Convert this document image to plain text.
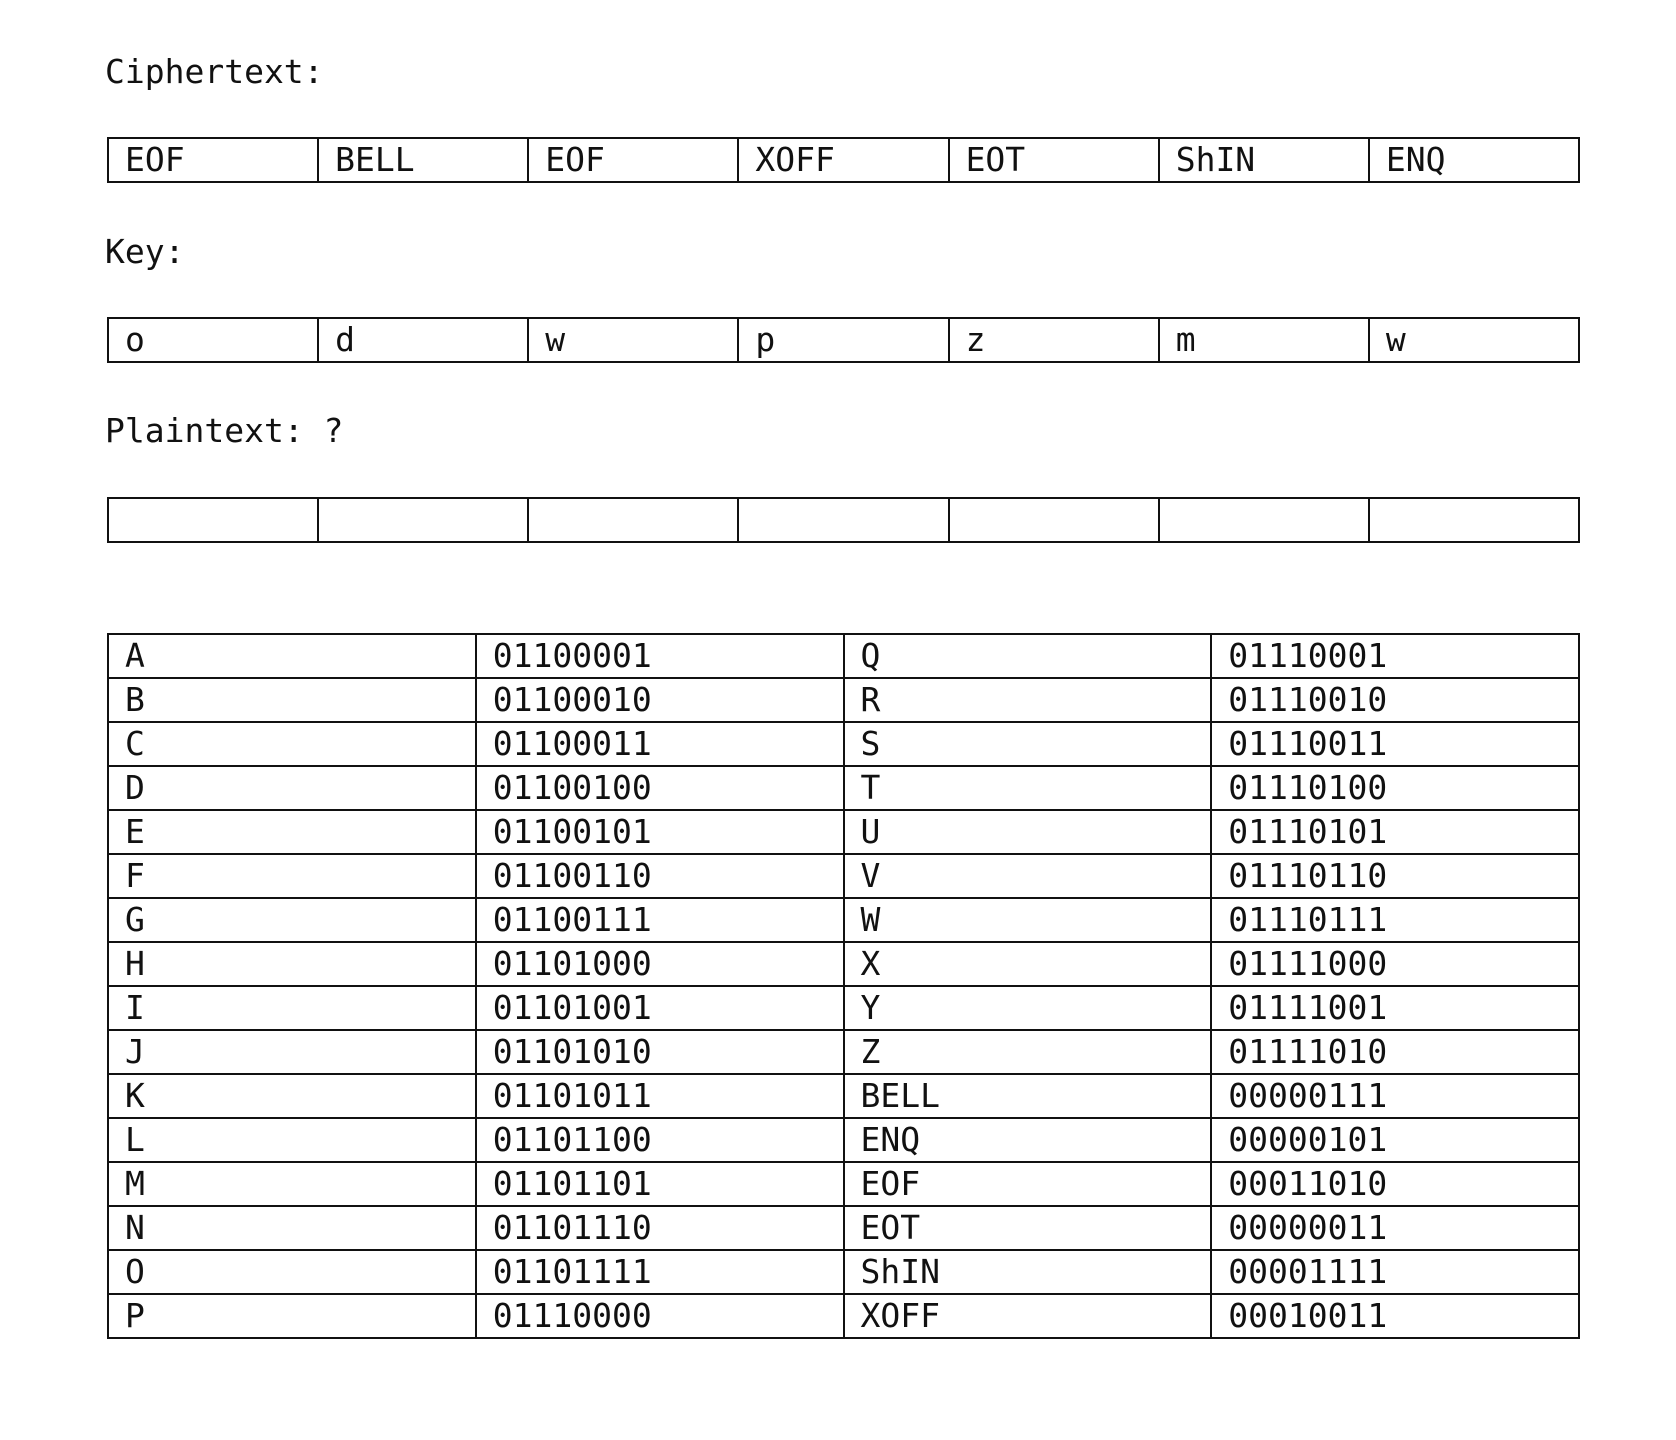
Ciphertext:
EOF	BELL	EOF	XOFF	EOT	ShIN	ENQ
Key:
o	d	w	p	z	m	w
Plaintext: ?

A	01100001	Q	01110001
B	01100010	R	01110010
C	01100011	S	01110011
D	01100100	T	01110100
E	01100101	U	01110101
F	01100110	V	01110110
G	01100111	W	01110111
H	01101000	X	01111000
I	01101001	Y	01111001
J	01101010	Z	01111010
K	01101011	BELL	00000111
L	01101100	ENQ	00000101
M	01101101	EOF	00011010
N	01101110	EOT	00000011
O	01101111	ShIN	00001111
P	01110000	XOFF	00010011
